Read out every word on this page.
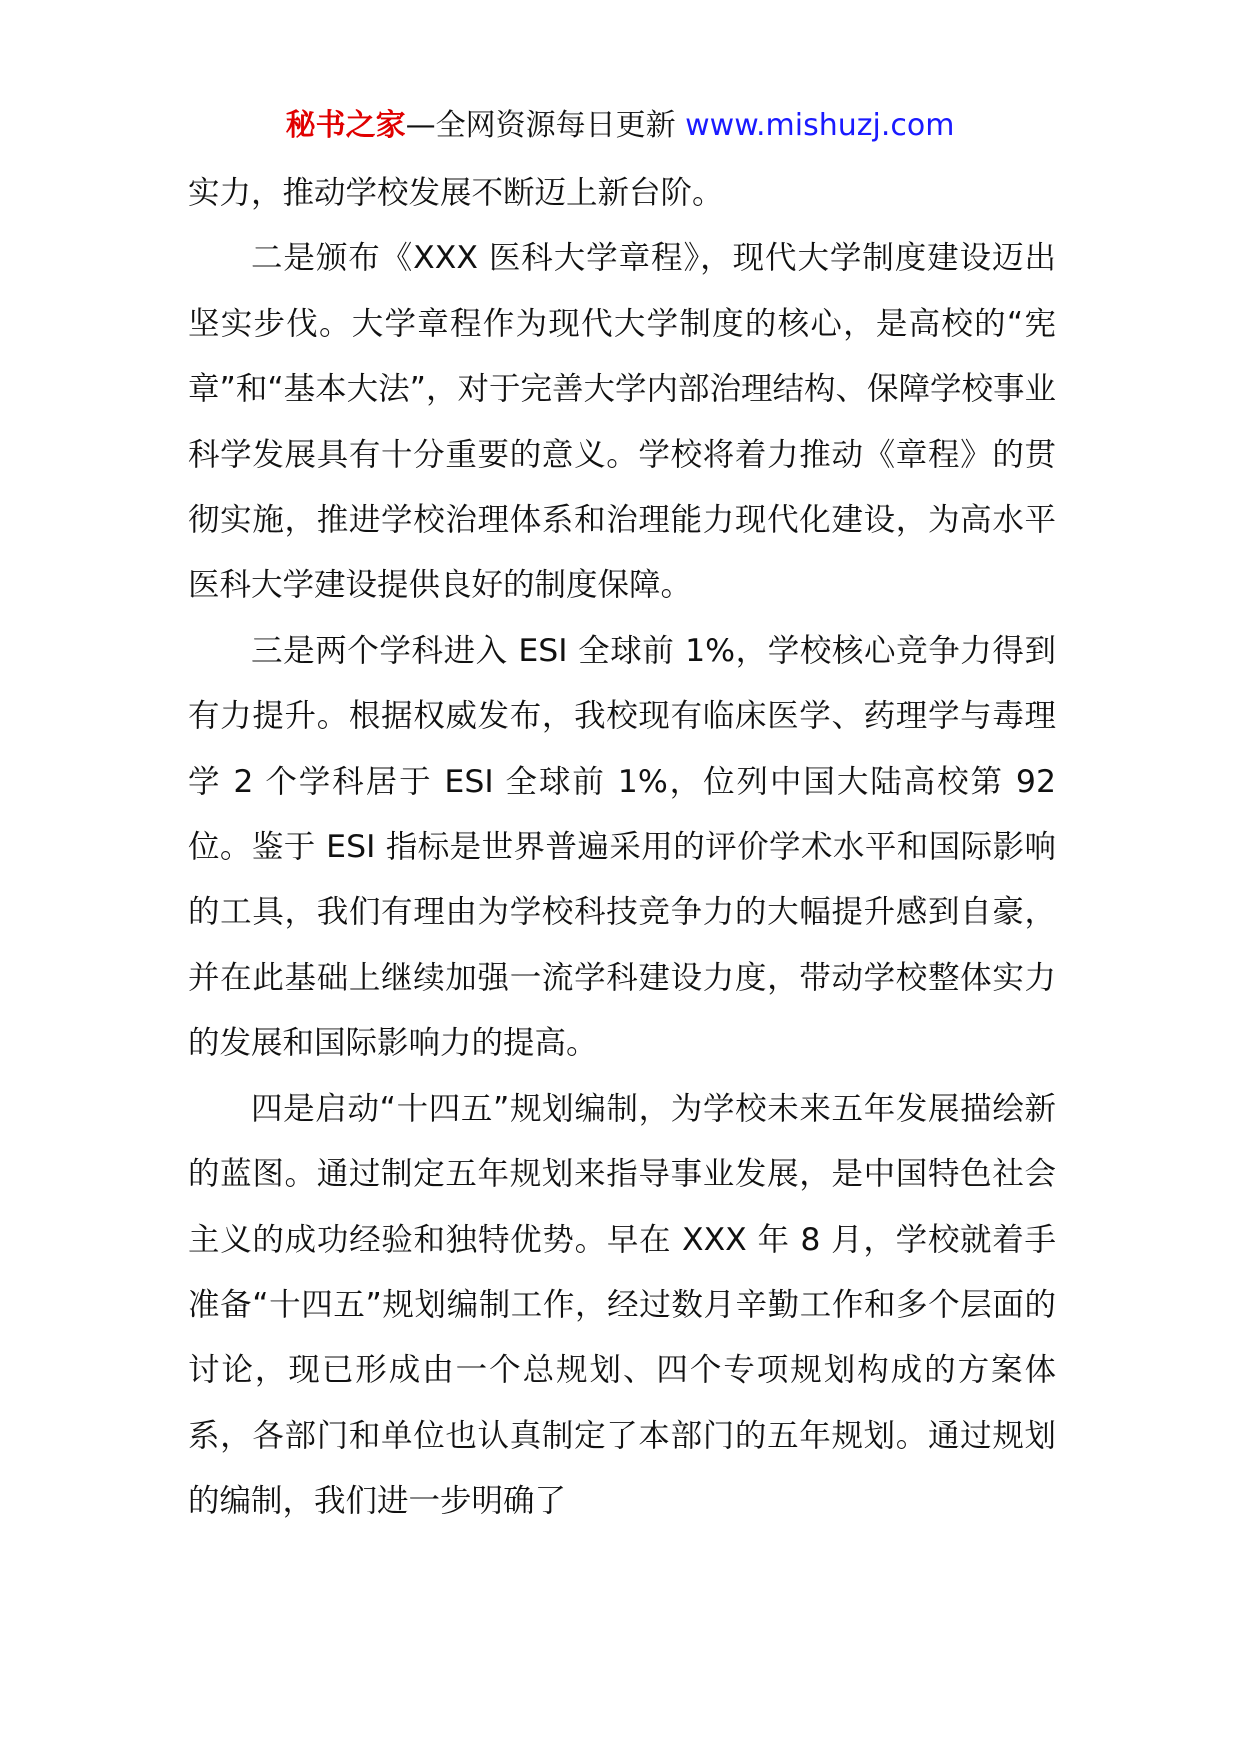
秘书之家—全网资源每日更新 www.mishuzj.com

实力，推动学校发展不断迈上新台阶。

二是颁布《XXX 医科大学章程》，现代大学制度建设迈出坚实步伐。大学章程作为现代大学制度的核心，是高校的“宪章”和“基本大法”，对于完善大学内部治理结构、保障学校事业科学发展具有十分重要的意义。学校将着力推动《章程》的贯彻实施，推进学校治理体系和治理能力现代化建设，为高水平医科大学建设提供良好的制度保障。

三是两个学科进入 ESI 全球前 1%，学校核心竞争力得到有力提升。根据权威发布，我校现有临床医学、药理学与毒理学 2 个学科居于 ESI 全球前 1%，位列中国大陆高校第 92 位。鉴于 ESI 指标是世界普遍采用的评价学术水平和国际影响的工具，我们有理由为学校科技竞争力的大幅提升感到自豪，并在此基础上继续加强一流学科建设力度，带动学校整体实力的发展和国际影响力的提高。

四是启动“十四五”规划编制，为学校未来五年发展描绘新的蓝图。通过制定五年规划来指导事业发展，是中国特色社会主义的成功经验和独特优势。早在 XXX 年 8 月，学校就着手准备“十四五”规划编制工作，经过数月辛勤工作和多个层面的讨论，现已形成由一个总规划、四个专项规划构成的方案体系，各部门和单位也认真制定了本部门的五年规划。通过规划的编制，我们进一步明确了
